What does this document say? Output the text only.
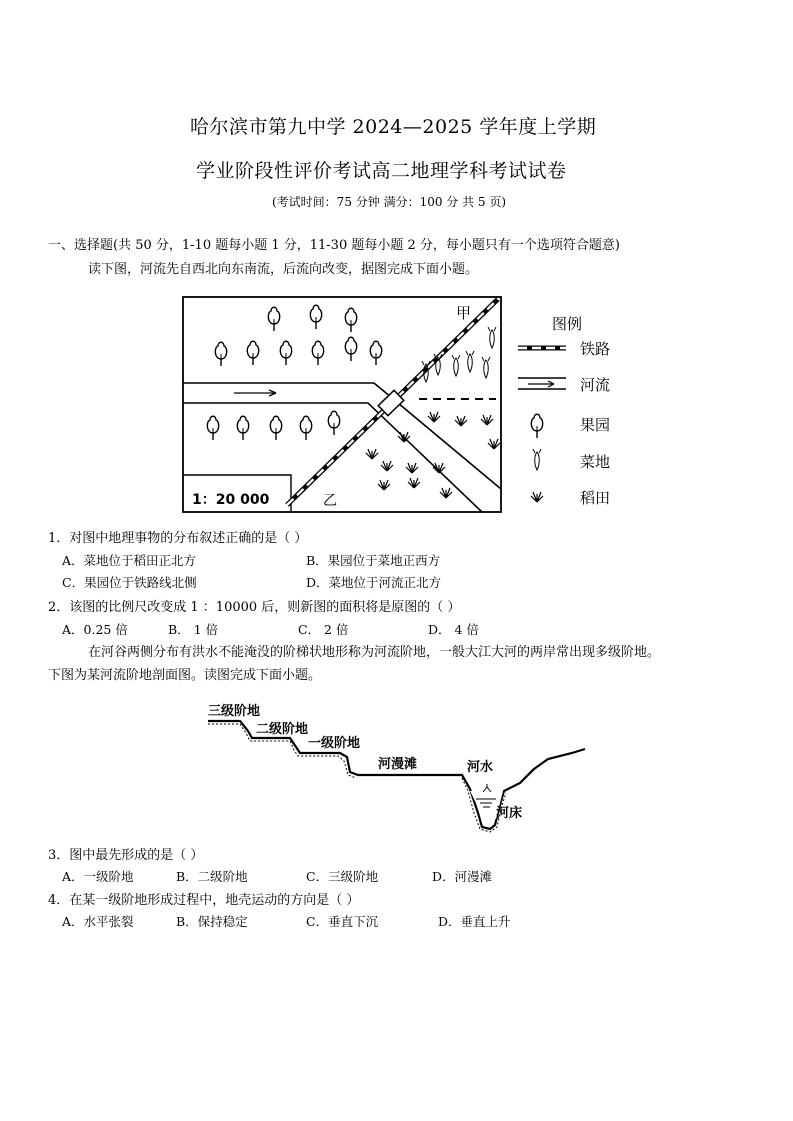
哈尔滨市第九中学 2024—2025 学年度上学期
学业阶段性评价考试高二地理学科考试试卷
(考试时间：75 分钟 满分：100 分 共 5 页)
一、选择题(共 50 分，1-10 题每小题 1 分，11-30 题每小题 2 分，每小题只有一个选项符合题意)
读下图，河流先自西北向东南流，后流向改变，据图完成下面小题。
1：20 000
甲
乙
图例
铁路
河流
果园
菜地
稻田
1．对图中地理事物的分布叙述正确的是（ ）
A．菜地位于稻田正北方	B．果园位于菜地正西方
C．果园位于铁路线北侧	D．菜地位于河流正北方
2．该图的比例尺改变成 1 ：10000 后，则新图的面积将是原图的（ ）
A．0.25 倍	B． 1 倍	C． 2 倍	D． 4 倍
在河谷两侧分布有洪水不能淹没的阶梯状地形称为河流阶地，一般大江大河的两岸常出现多级阶地。
下图为某河流阶地剖面图。读图完成下面小题。
三级阶地
二级阶地
一级阶地
河漫滩	河水
河床
3．图中最先形成的是（ ）
A．一级阶地	B．二级阶地	C．三级阶地	D．河漫滩
4．在某一级阶地形成过程中，地壳运动的方向是（ ）
A．水平张裂	B．保持稳定	C．垂直下沉	D．垂直上升
